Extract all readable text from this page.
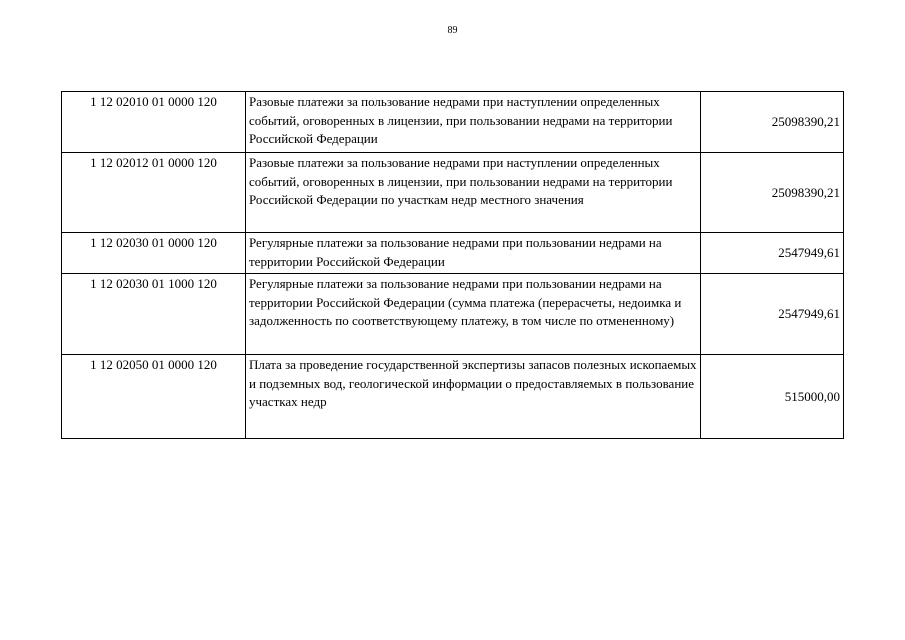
89
1 12 02010 01 0000 120	Разовые платежи за пользование недрами при наступлении определенных событий, оговоренных в лицензии, при пользовании недрами на территории Российской Федерации	25098390,21
1 12 02012 01 0000 120	Разовые платежи за пользование недрами при наступлении определенных событий, оговоренных в лицензии, при пользовании недрами на территории Российской Федерации по участкам недр местного значения	25098390,21
1 12 02030 01 0000 120	Регулярные платежи за пользование недрами при пользовании недрами на территории Российской Федерации	2547949,61
1 12 02030 01 1000 120	Регулярные платежи за пользование недрами при пользовании недрами на территории Российской Федерации (сумма платежа (перерасчеты, недоимка и задолженность по соответствующему платежу, в том числе по отмененному)	2547949,61
1 12 02050 01 0000 120	Плата за проведение государственной экспертизы запасов полезных ископаемых и подземных вод, геологической информации о предоставляемых в пользование участках недр	515000,00
